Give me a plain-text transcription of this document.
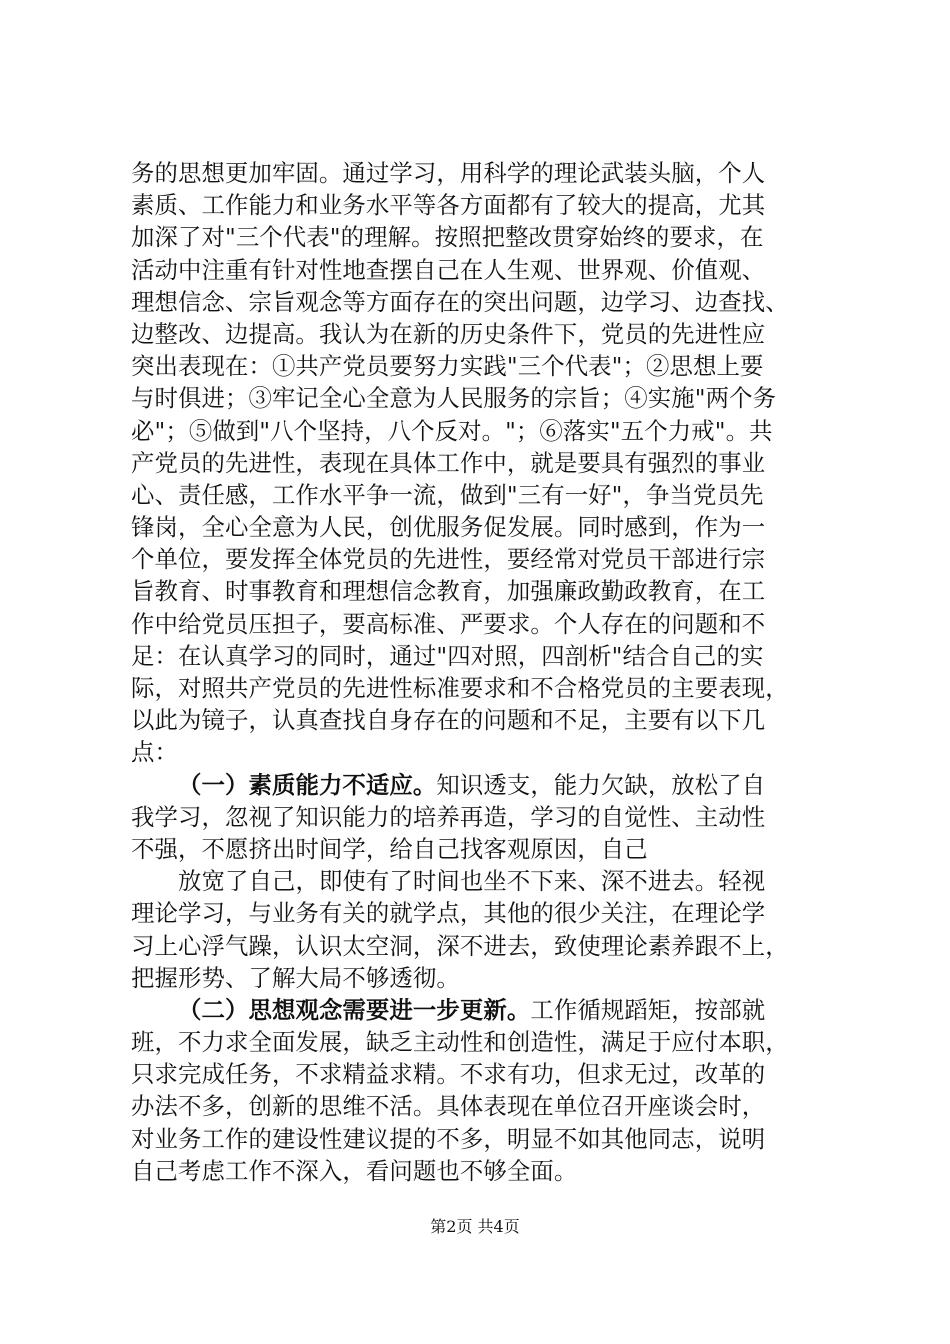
务的思想更加牢固。通过学习，用科学的理论武装头脑，个人
素质、工作能力和业务水平等各方面都有了较大的提高，尤其
加深了对"三个代表"的理解。按照把整改贯穿始终的要求，在
活动中注重有针对性地查摆自己在人生观、世界观、价值观、
理想信念、宗旨观念等方面存在的突出问题，边学习、边查找、
边整改、边提高。我认为在新的历史条件下，党员的先进性应
突出表现在：①共产党员要努力实践"三个代表"；②思想上要
与时俱进；③牢记全心全意为人民服务的宗旨；④实施"两个务
必"；⑤做到"八个坚持，八个反对。"；⑥落实"五个力戒"。共
产党员的先进性，表现在具体工作中，就是要具有强烈的事业
心、责任感，工作水平争一流，做到"三有一好"，争当党员先
锋岗，全心全意为人民，创优服务促发展。同时感到，作为一
个单位，要发挥全体党员的先进性，要经常对党员干部进行宗
旨教育、时事教育和理想信念教育，加强廉政勤政教育，在工
作中给党员压担子，要高标准、严要求。个人存在的问题和不
足：在认真学习的同时，通过"四对照，四剖析"结合自己的实
际，对照共产党员的先进性标准要求和不合格党员的主要表现，
以此为镜子，认真查找自身存在的问题和不足，主要有以下几
点：
（一）素质能力不适应。知识透支，能力欠缺，放松了自
我学习，忽视了知识能力的培养再造，学习的自觉性、主动性
不强，不愿挤出时间学，给自己找客观原因，自己
放宽了自己，即使有了时间也坐不下来、深不进去。轻视
理论学习，与业务有关的就学点，其他的很少关注，在理论学
习上心浮气躁，认识太空洞，深不进去，致使理论素养跟不上，
把握形势、了解大局不够透彻。
（二）思想观念需要进一步更新。工作循规蹈矩，按部就
班，不力求全面发展，缺乏主动性和创造性，满足于应付本职，
只求完成任务，不求精益求精。不求有功，但求无过，改革的
办法不多，创新的思维不活。具体表现在单位召开座谈会时，
对业务工作的建设性建议提的不多，明显不如其他同志，说明
自己考虑工作不深入，看问题也不够全面。
第2页 共4页
